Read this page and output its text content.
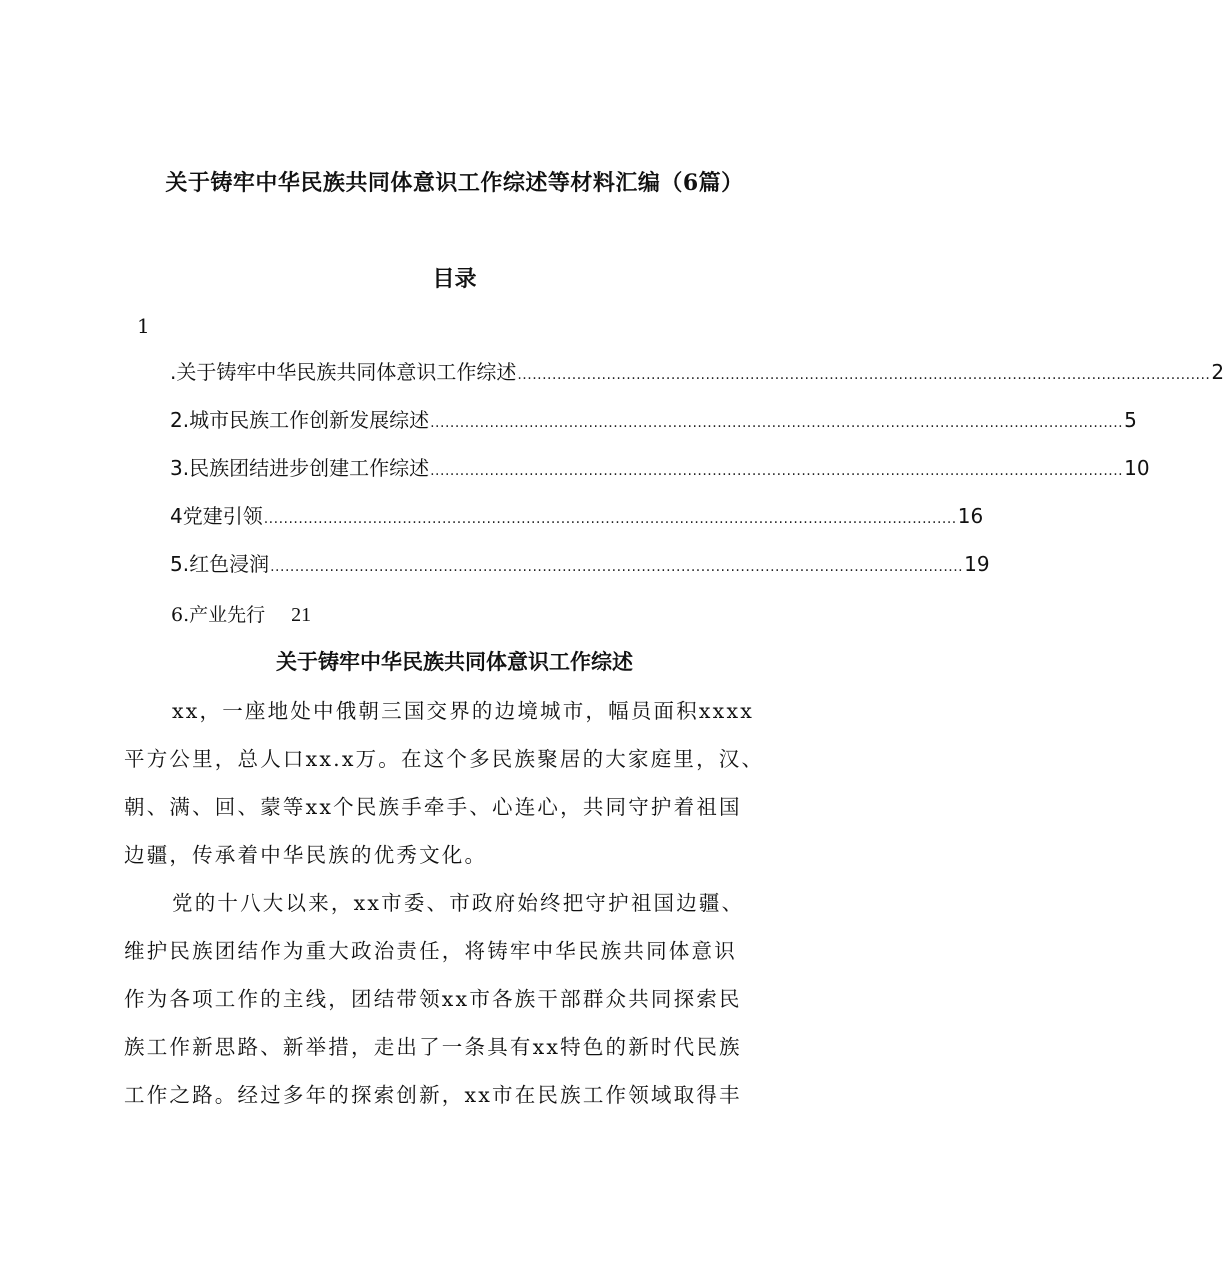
关于铸牢中华民族共同体意识工作综述等材料汇编（6篇）
目录
1
.关于铸牢中华民族共同体意识工作综述 ............................................................................................................................................ 2
2.城市民族工作创新发展综述 ............................................................................................................................................ 5
3.民族团结进步创建工作综述 ............................................................................................................................................ 10
4党建引领 ............................................................................................................................................ 16
5.红色浸润 ............................................................................................................................................ 19
6.产业先行 21
关于铸牢中华民族共同体意识工作综述
xx，一座地处中俄朝三国交界的边境城市，幅员面积xxxx
平方公里，总人口xx.x万。在这个多民族聚居的大家庭里，汉、
朝、满、回、蒙等xx个民族手牵手、心连心，共同守护着祖国
边疆，传承着中华民族的优秀文化。
党的十八大以来，xx市委、市政府始终把守护祖国边疆、
维护民族团结作为重大政治责任，将铸牢中华民族共同体意识
作为各项工作的主线，团结带领xx市各族干部群众共同探索民
族工作新思路、新举措，走出了一条具有xx特色的新时代民族
工作之路。经过多年的探索创新，xx市在民族工作领域取得丰
